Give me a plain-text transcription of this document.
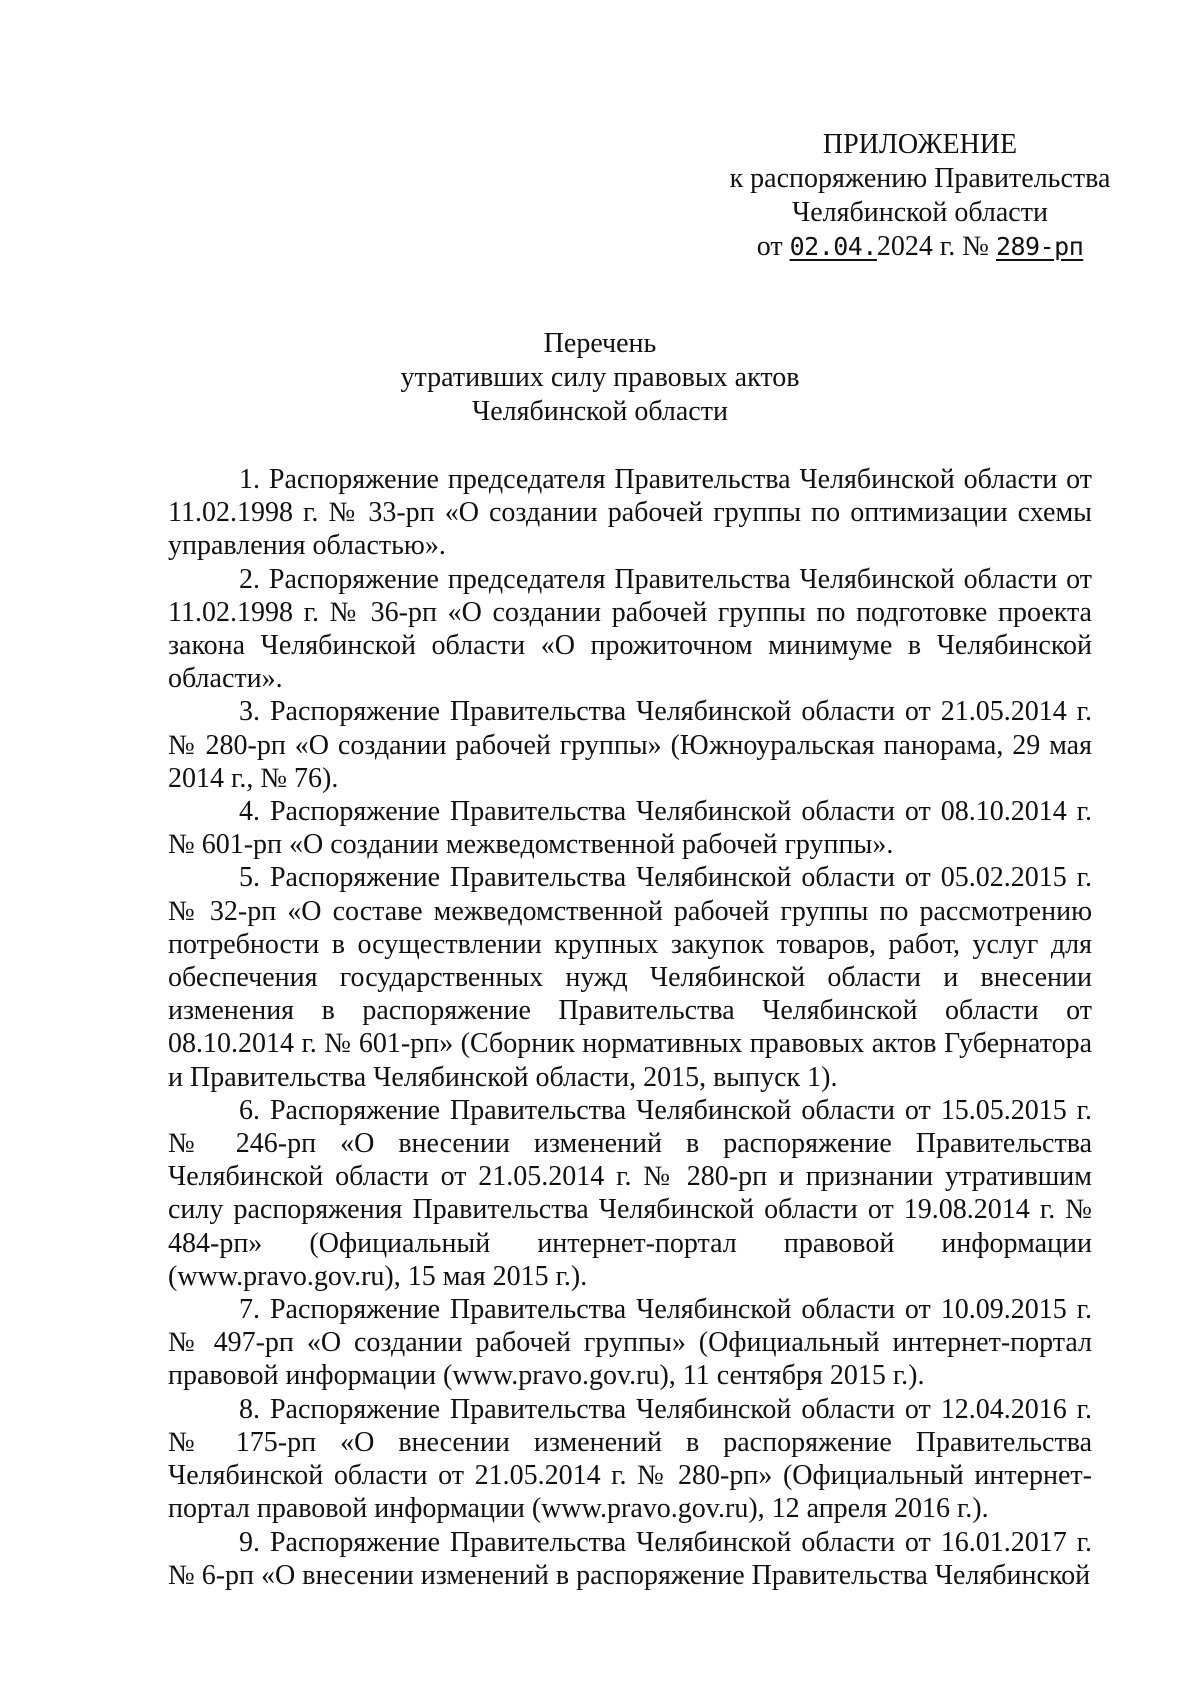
ПРИЛОЖЕНИЕ
к распоряжению Правительства
Челябинской области
от 02.04.2024 г. № 289-рп
Перечень
утративших силу правовых актов
Челябинской области

1. Распоряжение председателя Правительства Челябинской области от 11.02.1998 г. № 33-рп «О создании рабочей группы по оптимизации схемы управления областью».

2. Распоряжение председателя Правительства Челябинской области от 11.02.1998 г. № 36-рп «О создании рабочей группы по подготовке проекта закона Челябинской области «О прожиточном минимуме в Челябинской области».

3. Распоряжение Правительства Челябинской области от 21.05.2014 г. № 280-рп «О создании рабочей группы» (Южноуральская панорама, 29 мая 2014 г., № 76).

4. Распоряжение Правительства Челябинской области от 08.10.2014 г. № 601-рп «О создании межведомственной рабочей группы».

5. Распоряжение Правительства Челябинской области от 05.02.2015 г. № 32-рп «О составе межведомственной рабочей группы по рассмотрению потребности в осуществлении крупных закупок товаров, работ, услуг для обеспечения государственных нужд Челябинской области и внесении изменения в распоряжение Правительства Челябинской области от 08.10.2014 г. № 601-рп» (Сборник нормативных правовых актов Губернатора и Правительства Челябинской области, 2015, выпуск 1).

6. Распоряжение Правительства Челябинской области от 15.05.2015 г. № 246-рп «О внесении изменений в распоряжение Правительства Челябинской области от 21.05.2014 г. № 280-рп и признании утратившим силу распоряжения Правительства Челябинской области от 19.08.2014 г. № 484-рп» (Официальный интернет-портал правовой информации (www.pravo.gov.ru), 15 мая 2015 г.).

7. Распоряжение Правительства Челябинской области от 10.09.2015 г. № 497-рп «О создании рабочей группы» (Официальный интернет-портал правовой информации (www.pravo.gov.ru), 11 сентября 2015 г.).

8. Распоряжение Правительства Челябинской области от 12.04.2016 г. № 175-рп «О внесении изменений в распоряжение Правительства Челябинской области от 21.05.2014 г. № 280-рп» (Официальный интернет-портал правовой информации (www.pravo.gov.ru), 12 апреля 2016 г.).

9. Распоряжение Правительства Челябинской области от 16.01.2017 г. № 6-рп «О внесении изменений в распоряжение Правительства Челябинской
